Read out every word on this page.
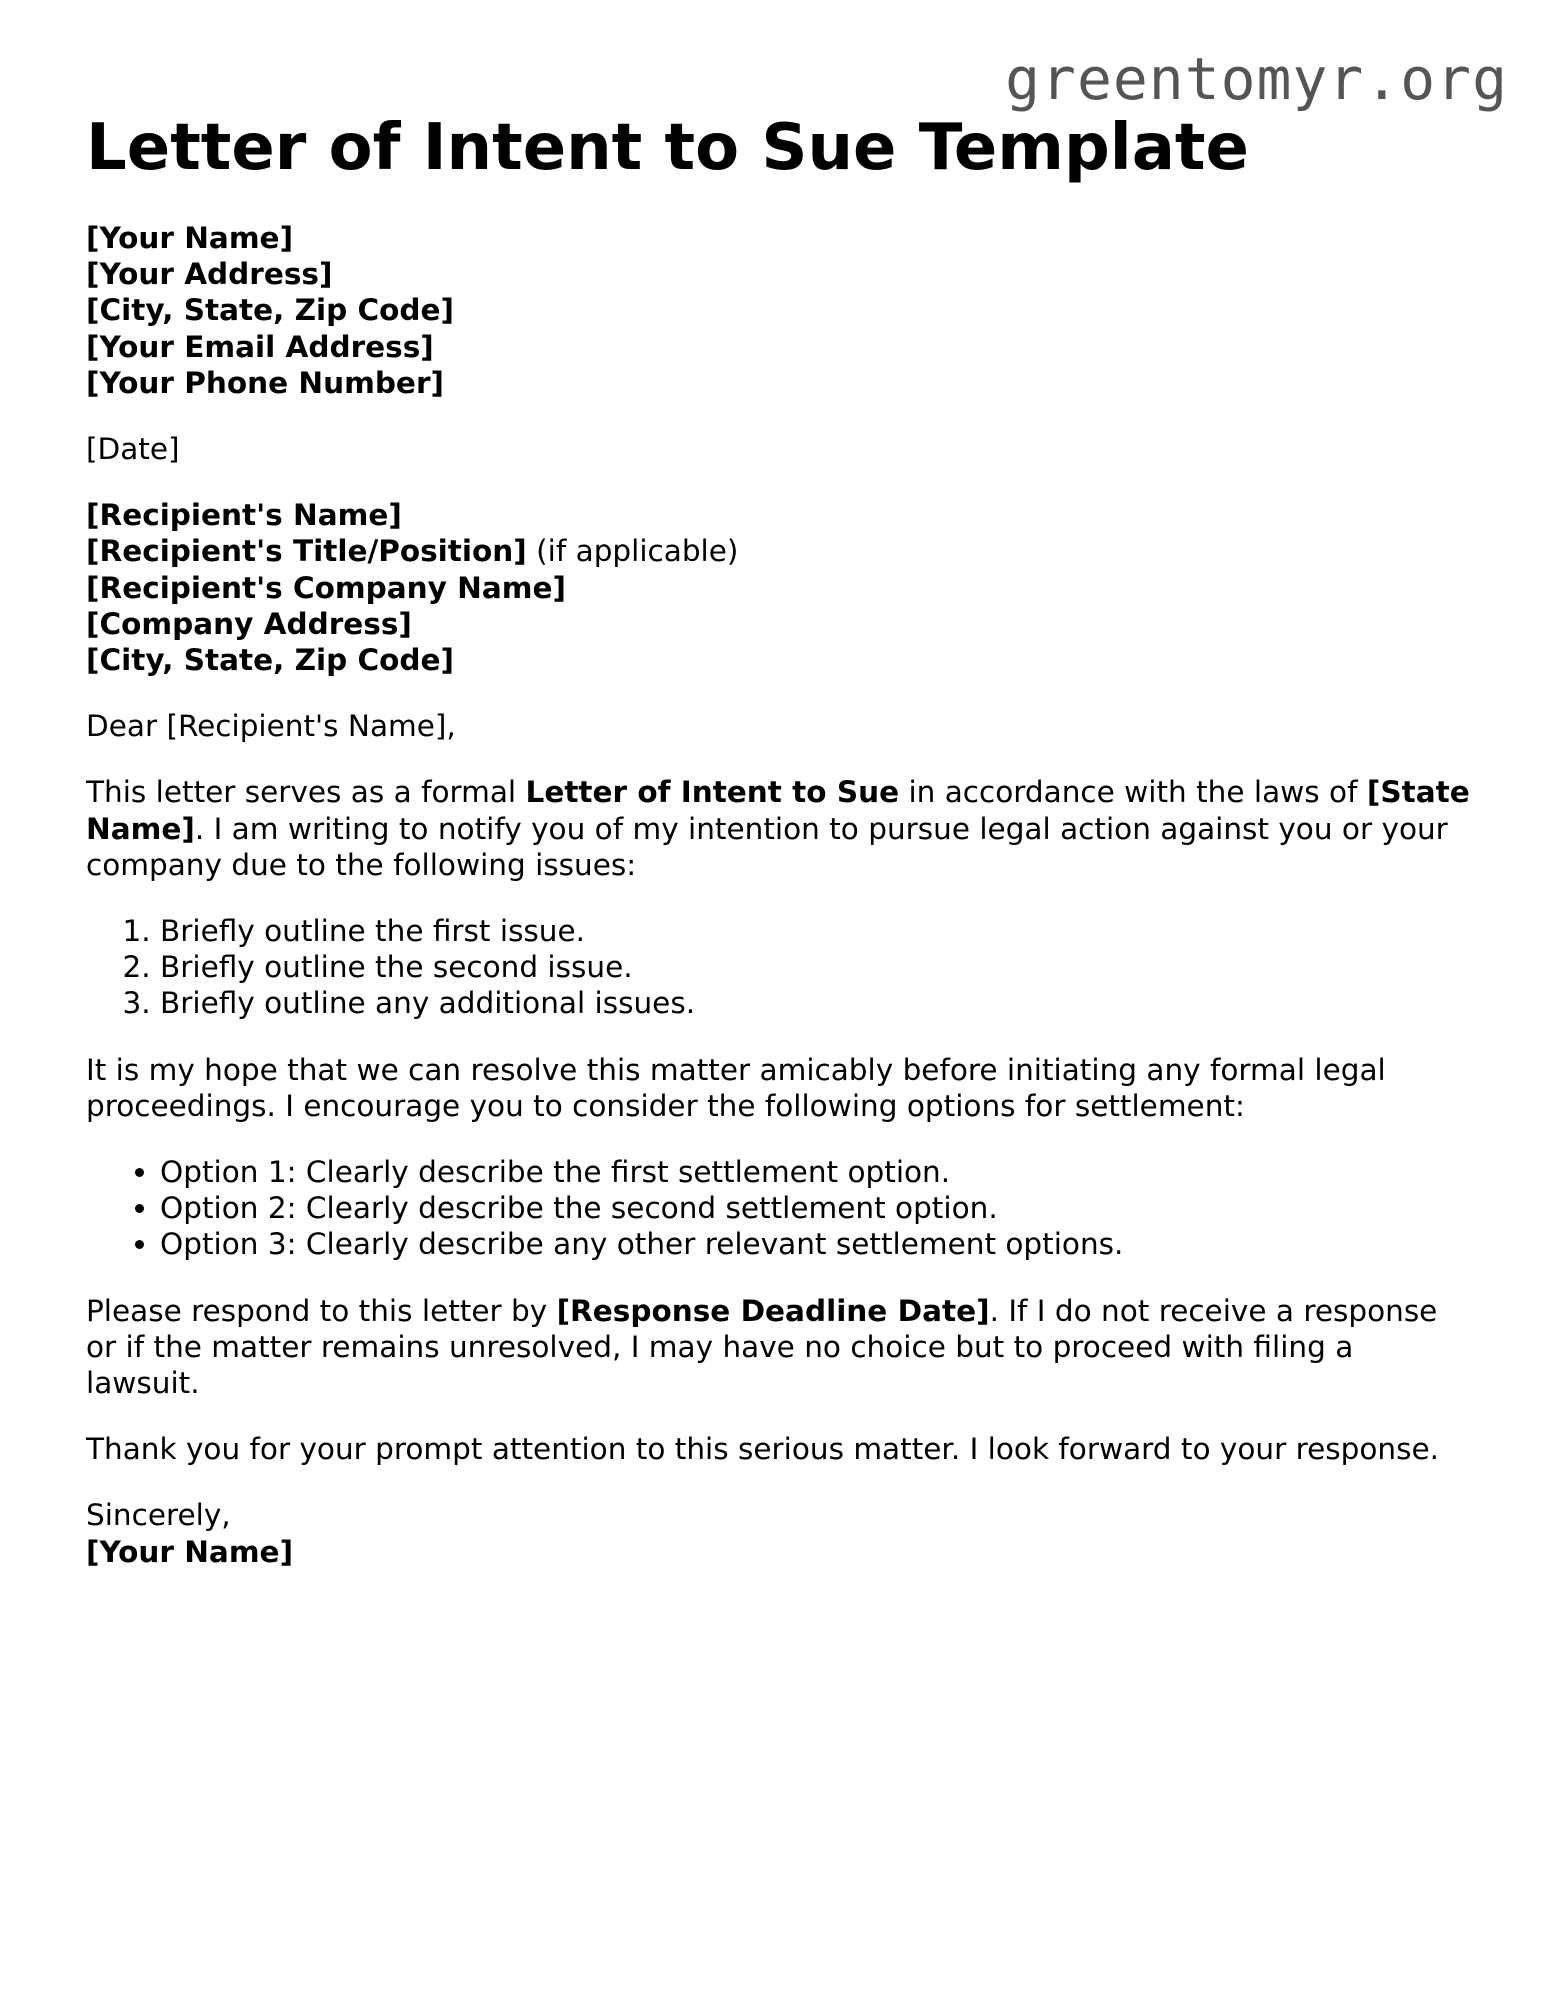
greentomyr.org
Letter of Intent to Sue Template
[Your Name]
[Your Address]
[City, State, Zip Code]
[Your Email Address]
[Your Phone Number]

[Date]

[Recipient's Name]
[Recipient's Title/Position] (if applicable)
[Recipient's Company Name]
[Company Address]
[City, State, Zip Code]

Dear [Recipient's Name],

This letter serves as a formal Letter of Intent to Sue in accordance with the laws of [State Name]. I am writing to notify you of my intention to pursue legal action against you or your company due to the following issues:

1. Briefly outline the first issue.
2. Briefly outline the second issue.
3. Briefly outline any additional issues.

It is my hope that we can resolve this matter amicably before initiating any formal legal proceedings. I encourage you to consider the following options for settlement:

• Option 1: Clearly describe the first settlement option.
• Option 2: Clearly describe the second settlement option.
• Option 3: Clearly describe any other relevant settlement options.

Please respond to this letter by [Response Deadline Date]. If I do not receive a response or if the matter remains unresolved, I may have no choice but to proceed with filing a lawsuit.

Thank you for your prompt attention to this serious matter. I look forward to your response.

Sincerely,
[Your Name]
